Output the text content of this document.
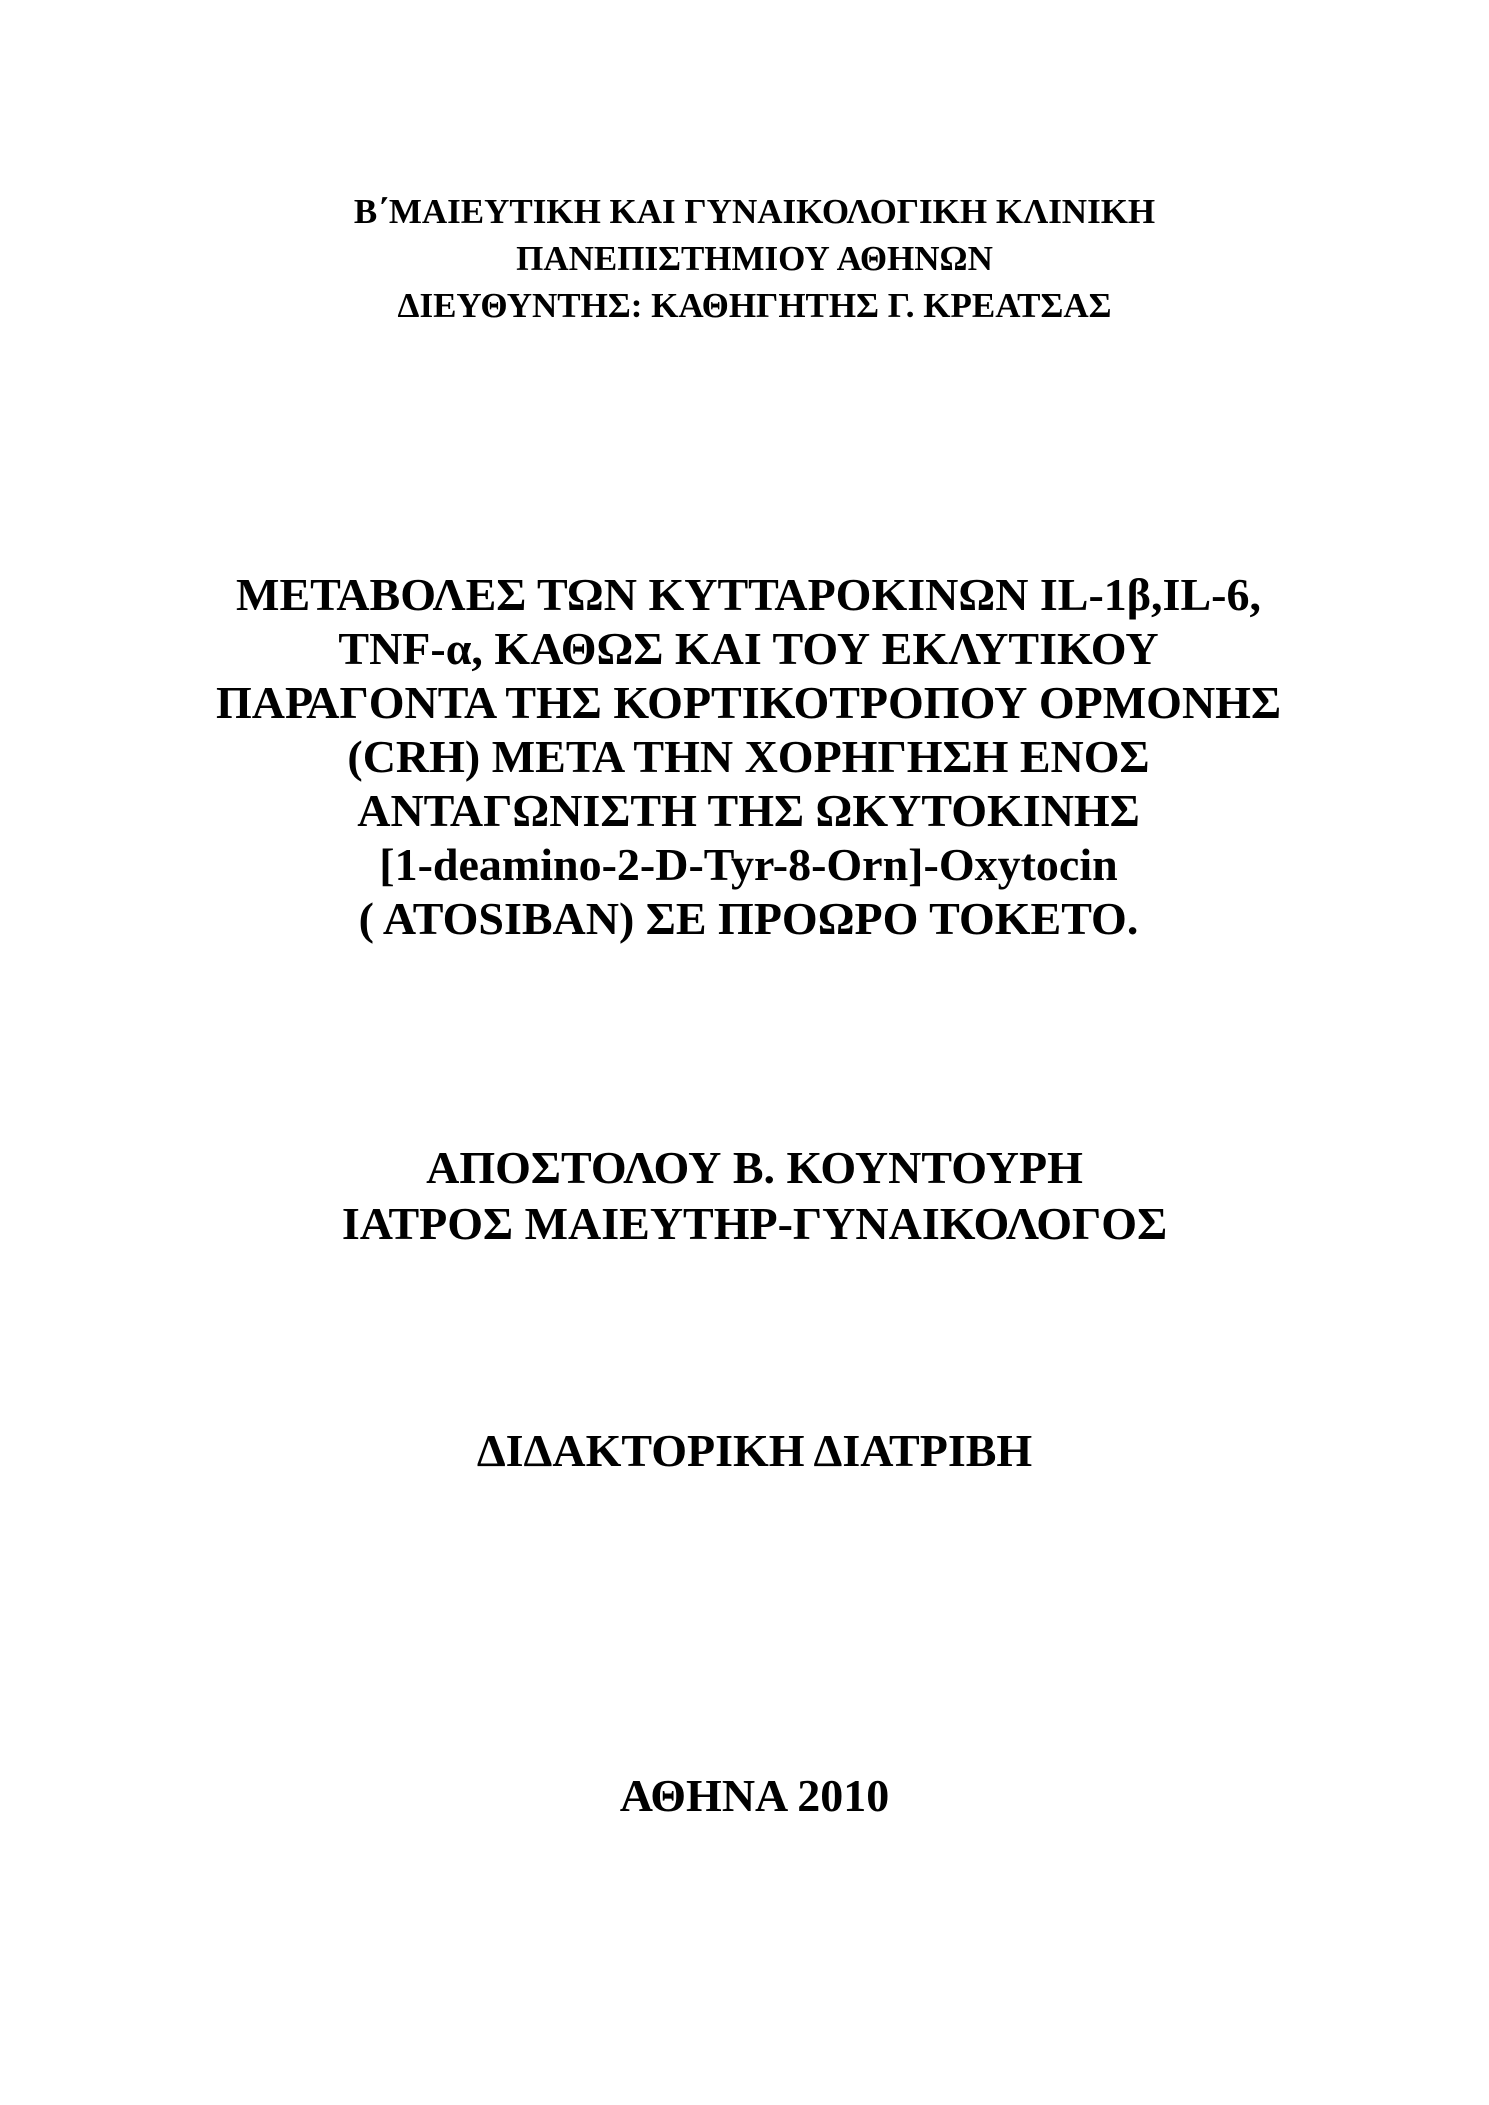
Β΄ΜΑΙΕΥΤΙΚΗ ΚΑΙ ΓΥΝΑΙΚΟΛΟΓΙΚΗ ΚΛΙΝΙΚΗ
ΠΑΝΕΠΙΣΤΗΜΙΟΥ ΑΘΗΝΩΝ
ΔΙΕΥΘΥΝΤΗΣ: ΚΑΘΗΓΗΤΗΣ Γ. ΚΡΕΑΤΣΑΣ
ΜΕΤΑΒΟΛΕΣ ΤΩΝ ΚΥΤΤΑΡΟΚΙΝΩΝ IL-1β,IL-6,
TNF-α, ΚΑΘΩΣ ΚΑΙ ΤΟΥ ΕΚΛΥΤΙΚΟΥ
ΠΑΡΑΓΟΝΤΑ ΤΗΣ ΚΟΡΤΙΚΟΤΡΟΠΟΥ ΟΡΜΟΝΗΣ
(CRH) ΜΕΤΑ ΤΗΝ ΧΟΡΗΓΗΣΗ ΕΝΟΣ
ΑΝΤΑΓΩΝΙΣΤΗ ΤΗΣ ΩΚΥΤΟΚΙΝΗΣ
[1-deamino-2-D-Tyr-8-Orn]-Oxytocin
( ATOSIBAN) ΣΕ ΠΡΟΩΡΟ ΤΟΚΕΤΟ.
ΑΠΟΣΤΟΛΟΥ Β. ΚΟΥΝΤΟΥΡΗ
ΙΑΤΡΟΣ ΜΑΙΕΥΤΗΡ-ΓΥΝΑΙΚΟΛΟΓΟΣ
ΔΙΔΑΚΤΟΡΙΚΗ ΔΙΑΤΡΙΒΗ
ΑΘΗΝΑ 2010
